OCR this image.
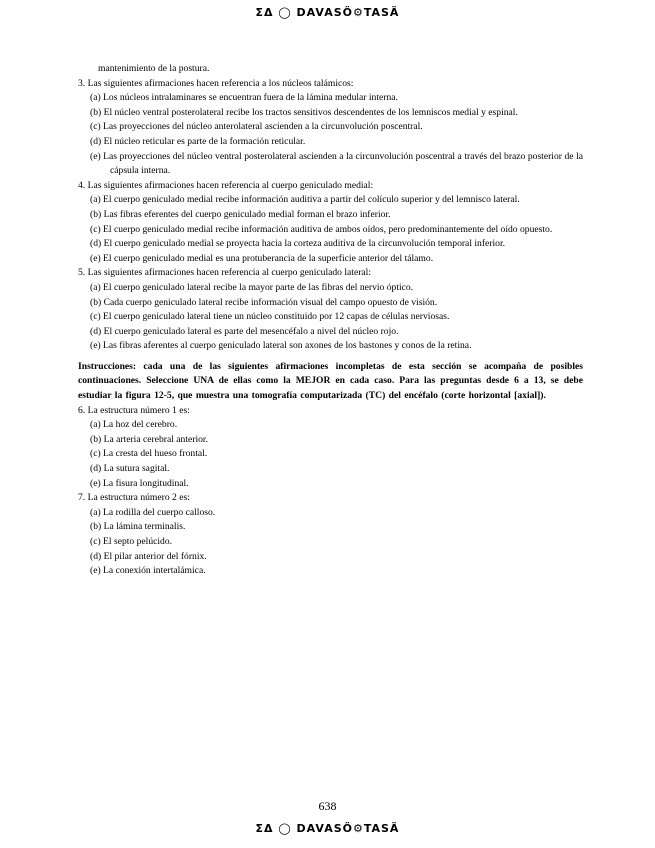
ΣΔ ◯ DAVASÖ⚙TASÄ

mantenimiento de la postura.

3. Las siguientes afirmaciones hacen referencia a los núcleos talámicos:

(a) Los núcleos intralaminares se encuentran fuera de la lámina medular interna.

(b) El núcleo ventral posterolateral recibe los tractos sensitivos descendentes de los lemniscos medial y espinal.

(c) Las proyecciones del núcleo anterolateral ascienden a la circunvolución poscentral.

(d) El núcleo reticular es parte de la formación reticular.

(e) Las proyecciones del núcleo ventral posterolateral ascienden a la circunvolución poscentral a través del brazo posterior de la cápsula interna.

4. Las siguientes afirmaciones hacen referencia al cuerpo geniculado medial:

(a) El cuerpo geniculado medial recibe información auditiva a partir del colículo superior y del lemnisco lateral.

(b) Las fibras eferentes del cuerpo geniculado medial forman el brazo inferior.

(c) El cuerpo geniculado medial recibe información auditiva de ambos oídos, pero predominantemente del oído opuesto.

(d) El cuerpo geniculado medial se proyecta hacia la corteza auditiva de la circunvolución temporal inferior.

(e) El cuerpo geniculado medial es una protuberancia de la superficie anterior del tálamo.

5. Las siguientes afirmaciones hacen referencia al cuerpo geniculado lateral:

(a) El cuerpo geniculado lateral recibe la mayor parte de las fibras del nervio óptico.

(b) Cada cuerpo geniculado lateral recibe información visual del campo opuesto de visión.

(c) El cuerpo geniculado lateral tiene un núcleo constituido por 12 capas de células nerviosas.

(d) El cuerpo geniculado lateral es parte del mesencéfalo a nivel del núcleo rojo.

(e) Las fibras aferentes al cuerpo geniculado lateral son axones de los bastones y conos de la retina.

Instrucciones: cada una de las siguientes afirmaciones incompletas de esta sección se acompaña de posibles continuaciones. Seleccione UNA de ellas como la MEJOR en cada caso. Para las preguntas desde 6 a 13, se debe estudiar la figura 12-5, que muestra una tomografía computarizada (TC) del encéfalo (corte horizontal [axial]).

6. La estructura número 1 es:

(a) La hoz del cerebro.

(b) La arteria cerebral anterior.

(c) La cresta del hueso frontal.

(d) La sutura sagital.

(e) La fisura longitudinal.

7. La estructura número 2 es:

(a) La rodilla del cuerpo calloso.

(b) La lámina terminalis.

(c) El septo pelúcido.

(d) El pilar anterior del fórnix.

(e) La conexión intertalámica.

638
ΣΔ ◯ DAVASÖ⚙TASÄ
